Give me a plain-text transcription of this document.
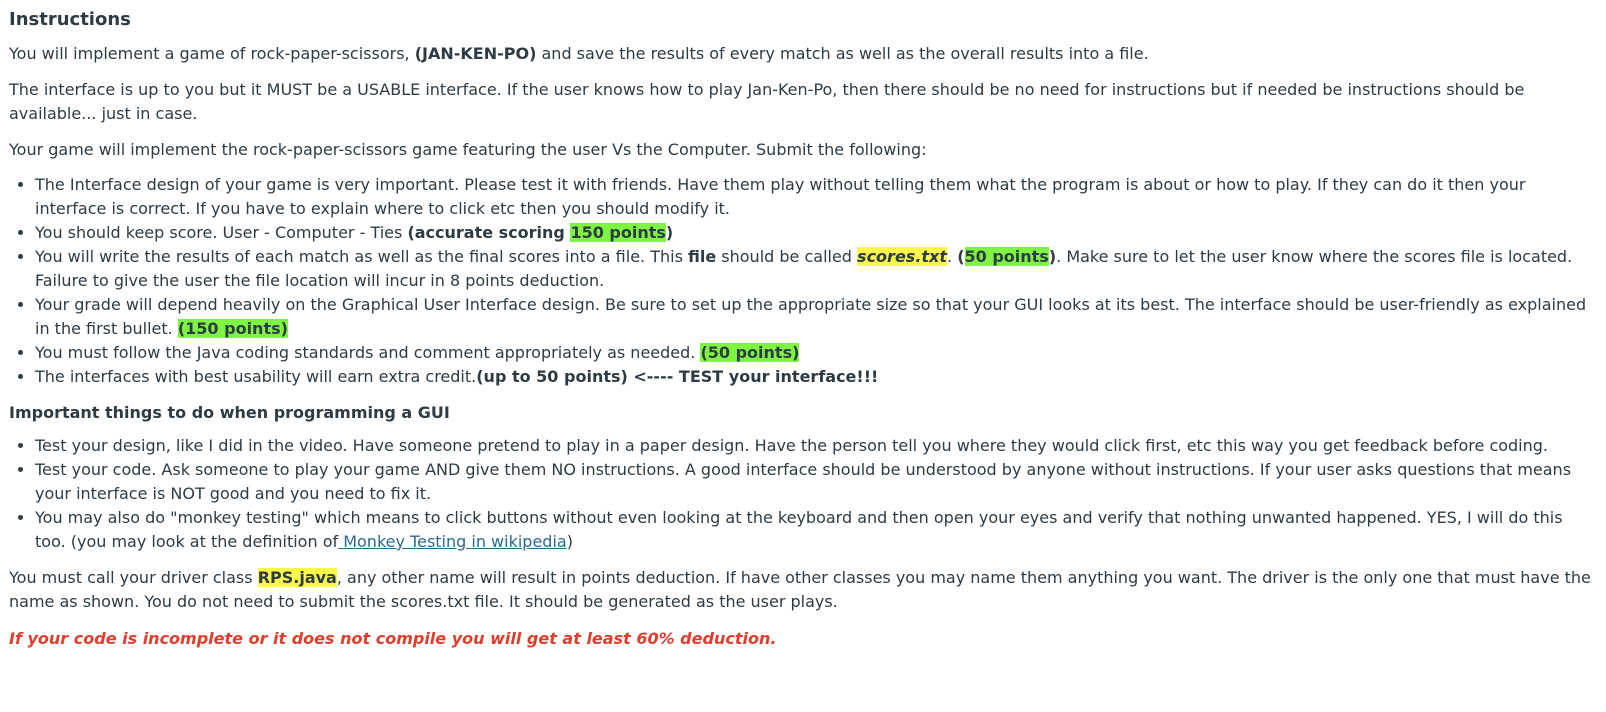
Instructions

You will implement a game of rock-paper-scissors, (JAN-KEN-PO) and save the results of every match as well as the overall results into a file.

The interface is up to you but it MUST be a USABLE interface. If the user knows how to play Jan-Ken-Po, then there should be no need for instructions but if needed be instructions should be available... just in case.

Your game will implement the rock-paper-scissors game featuring the user Vs the Computer. Submit the following:

• The Interface design of your game is very important. Please test it with friends. Have them play without telling them what the program is about or how to play. If they can do it then your interface is correct. If you have to explain where to click etc then you should modify it.
• You should keep score. User - Computer - Ties (accurate scoring 150 points)
• You will write the results of each match as well as the final scores into a file. This file should be called scores.txt. (50 points). Make sure to let the user know where the scores file is located. Failure to give the user the file location will incur in 8 points deduction.
• Your grade will depend heavily on the Graphical User Interface design. Be sure to set up the appropriate size so that your GUI looks at its best. The interface should be user-friendly as explained in the first bullet. (150 points)
• You must follow the Java coding standards and comment appropriately as needed. (50 points)
• The interfaces with best usability will earn extra credit.(up to 50 points) <---- TEST your interface!!!
Important things to do when programming a GUI
• Test your design, like I did in the video. Have someone pretend to play in a paper design. Have the person tell you where they would click first, etc this way you get feedback before coding.
• Test your code. Ask someone to play your game AND give them NO instructions. A good interface should be understood by anyone without instructions. If your user asks questions that means your interface is NOT good and you need to fix it.
• You may also do "monkey testing" which means to click buttons without even looking at the keyboard and then open your eyes and verify that nothing unwanted happened. YES, I will do this too. (you may look at the definition of Monkey Testing in wikipedia)

You must call your driver class RPS.java, any other name will result in points deduction. If have other classes you may name them anything you want. The driver is the only one that must have the name as shown. You do not need to submit the scores.txt file. It should be generated as the user plays.

If your code is incomplete or it does not compile you will get at least 60% deduction.
